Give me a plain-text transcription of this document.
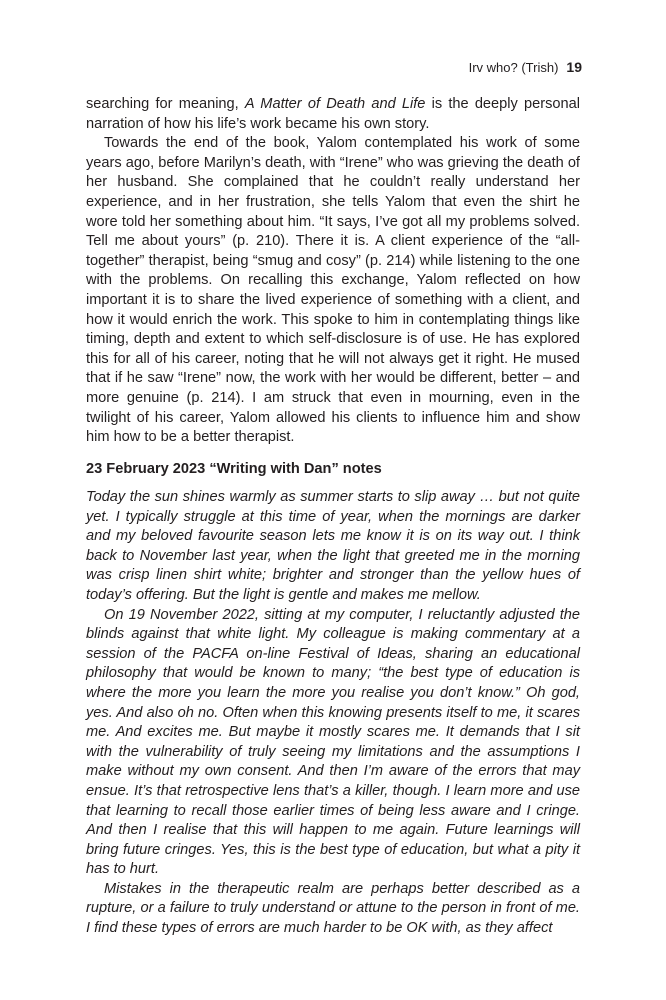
Irv who? (Trish) 19

searching for meaning, A Matter of Death and Life is the deeply personal narration of how his life’s work became his own story.

Towards the end of the book, Yalom contemplated his work of some years ago, before Marilyn’s death, with “Irene” who was grieving the death of her husband. She complained that he couldn’t really understand her experience, and in her frustration, she tells Yalom that even the shirt he wore told her something about him. “It says, I’ve got all my problems solved. Tell me about yours” (p. 210). There it is. A client experience of the “all-together” therapist, being “smug and cosy” (p. 214) while listening to the one with the problems. On recalling this exchange, Yalom reflected on how important it is to share the lived experience of something with a client, and how it would enrich the work. This spoke to him in contemplating things like timing, depth and extent to which self-disclosure is of use. He has explored this for all of his career, noting that he will not always get it right. He mused that if he saw “Irene” now, the work with her would be different, better – and more genuine (p. 214). I am struck that even in mourning, even in the twilight of his career, Yalom allowed his clients to influence him and show him how to be a better therapist.

23 February 2023 “Writing with Dan” notes

Today the sun shines warmly as summer starts to slip away … but not quite yet. I typically struggle at this time of year, when the mornings are darker and my beloved favourite season lets me know it is on its way out. I think back to November last year, when the light that greeted me in the morning was crisp linen shirt white; brighter and stronger than the yellow hues of today’s offering. But the light is gentle and makes me mellow.

On 19 November 2022, sitting at my computer, I reluctantly adjusted the blinds against that white light. My colleague is making commentary at a session of the PACFA on-line Festival of Ideas, sharing an educational philosophy that would be known to many; “the best type of education is where the more you learn the more you realise you don’t know.” Oh god, yes. And also oh no. Often when this knowing presents itself to me, it scares me. And excites me. But maybe it mostly scares me. It demands that I sit with the vulnerability of truly seeing my limitations and the assumptions I make without my own consent. And then I’m aware of the errors that may ensue. It’s that retrospective lens that’s a killer, though. I learn more and use that learning to recall those earlier times of being less aware and I cringe. And then I realise that this will happen to me again. Future learnings will bring future cringes. Yes, this is the best type of education, but what a pity it has to hurt.

Mistakes in the therapeutic realm are perhaps better described as a rupture, or a failure to truly understand or attune to the person in front of me. I find these types of errors are much harder to be OK with, as they affect
